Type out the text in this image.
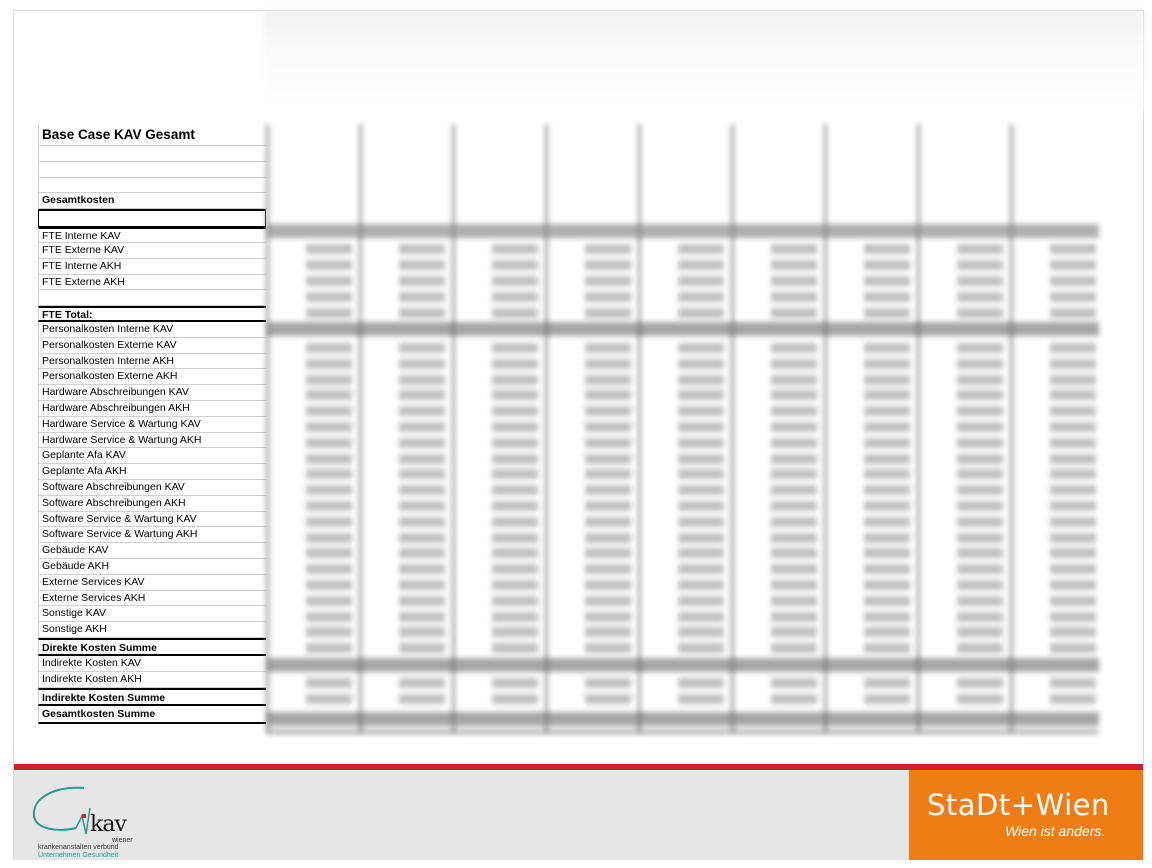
Base Case KAV Gesamt
Gesamtkosten
FTE Interne KAV
FTE Externe KAV
FTE Interne AKH
FTE Externe AKH
FTE Total:
Personalkosten Interne KAV
Personalkosten Externe KAV
Personalkosten Interne AKH
Personalkosten Externe AKH
Hardware Abschreibungen KAV
Hardware Abschreibungen AKH
Hardware Service & Wartung KAV
Hardware Service & Wartung AKH
Geplante Afa KAV
Geplante Afa AKH
Software Abschreibungen KAV
Software Abschreibungen AKH
Software Service & Wartung KAV
Software Service & Wartung AKH
Gebäude KAV
Gebäude AKH
Externe Services KAV
Externe Services AKH
Sonstige KAV
Sonstige AKH
Direkte Kosten Summe
Indirekte Kosten KAV
Indirekte Kosten AKH
Indirekte Kosten Summe
Gesamtkosten Summe
kav
wiener
krankenanstalten verbund
Unternehmen Gesundheit
StaDt+Wien
Wien ist anders.
